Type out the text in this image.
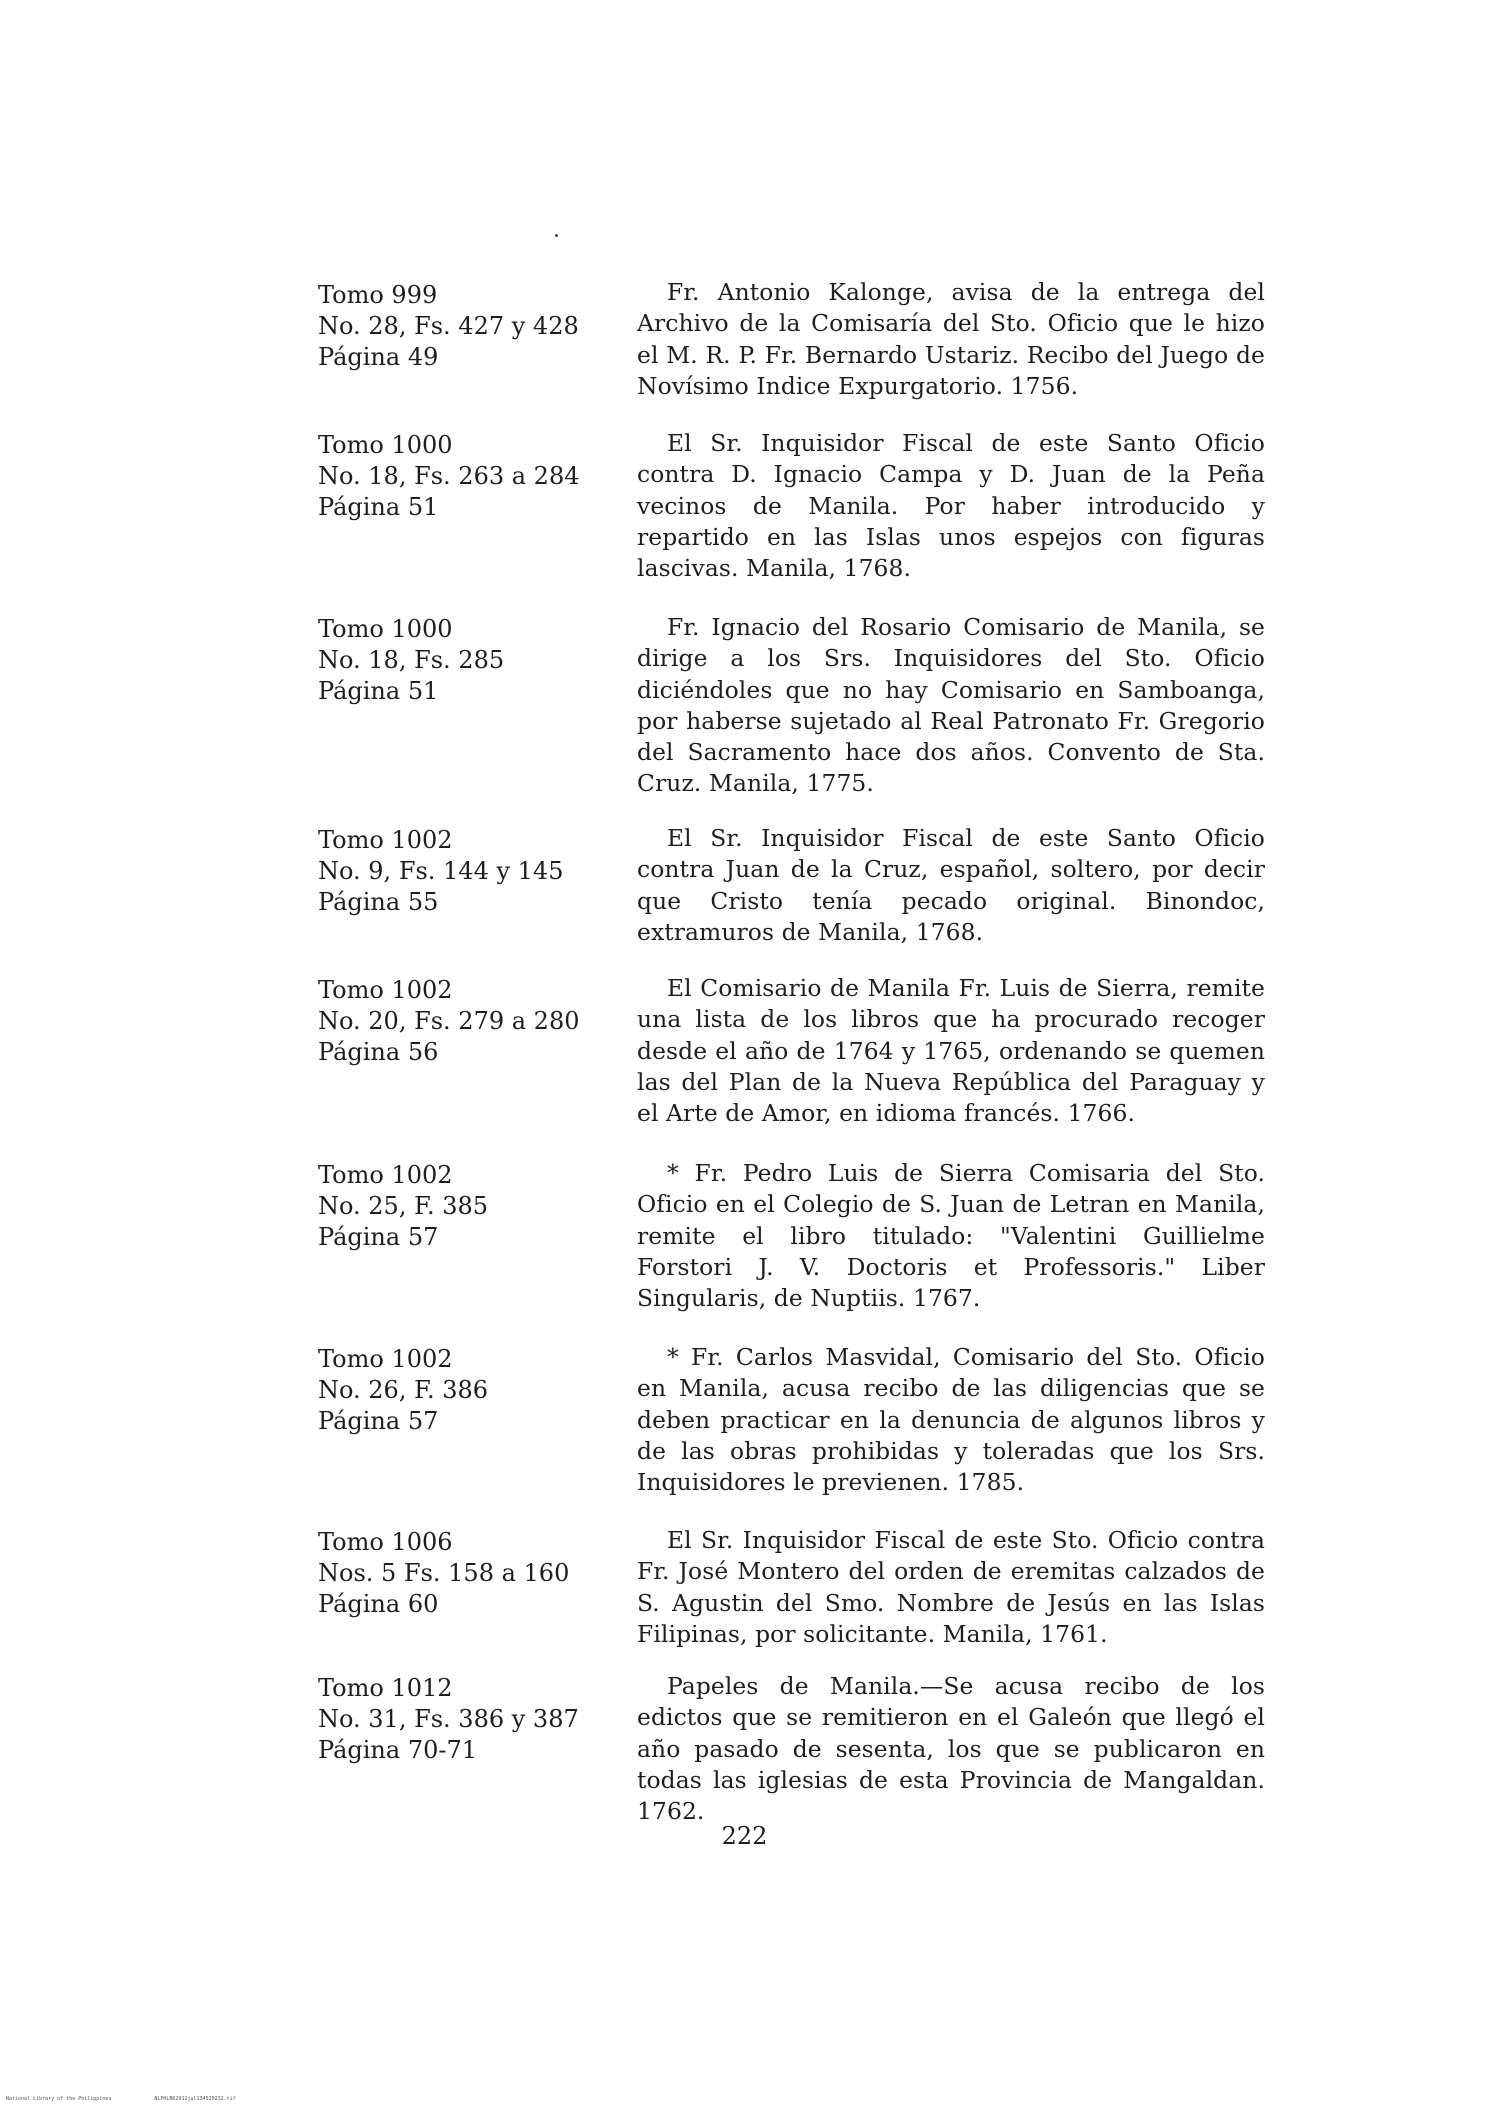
Tomo 999
No. 28, Fs. 427 y 428
Página 49

Fr. Antonio Kalonge, avisa de la entrega del Archivo de la Comisaría del Sto. Oficio que le hizo el M. R. P. Fr. Bernardo Ustariz. Recibo del Juego de Novísimo Indice Expurgatorio. 1756.

Tomo 1000
No. 18, Fs. 263 a 284
Página 51

El Sr. Inquisidor Fiscal de este Santo Oficio contra D. Ignacio Campa y D. Juan de la Peña vecinos de Manila. Por haber introducido y repartido en las Islas unos espejos con figuras lascivas. Manila, 1768.

Tomo 1000
No. 18, Fs. 285
Página 51

Fr. Ignacio del Rosario Comisario de Manila, se dirige a los Srs. Inquisidores del Sto. Oficio diciéndoles que no hay Comisario en Samboanga, por haberse sujetado al Real Patronato Fr. Gregorio del Sacramento hace dos años. Convento de Sta. Cruz. Manila, 1775.

Tomo 1002
No. 9, Fs. 144 y 145
Página 55

El Sr. Inquisidor Fiscal de este Santo Oficio contra Juan de la Cruz, español, soltero, por decir que Cristo tenía pecado original. Binondoc, extramuros de Manila, 1768.

Tomo 1002
No. 20, Fs. 279 a 280
Página 56

El Comisario de Manila Fr. Luis de Sierra, remite una lista de los libros que ha procurado recoger desde el año de 1764 y 1765, ordenando se quemen las del Plan de la Nueva República del Paraguay y el Arte de Amor, en idioma francés. 1766.

Tomo 1002
No. 25, F. 385
Página 57

* Fr. Pedro Luis de Sierra Comisaria del Sto. Oficio en el Colegio de S. Juan de Letran en Manila, remite el libro titulado: "Valentini Guillielme Forstori J. V. Doctoris et Professoris." Liber Singularis, de Nuptiis. 1767.

Tomo 1002
No. 26, F. 386
Página 57

* Fr. Carlos Masvidal, Comisario del Sto. Oficio en Manila, acusa recibo de las diligencias que se deben practicar en la denuncia de algunos libros y de las obras prohibidas y toleradas que los Srs. Inquisidores le previenen. 1785.

Tomo 1006
Nos. 5 Fs. 158 a 160
Página 60

El Sr. Inquisidor Fiscal de este Sto. Oficio contra Fr. José Montero del orden de eremitas calzados de S. Agustin del Smo. Nombre de Jesús en las Islas Filipinas, por solicitante. Manila, 1761.

Tomo 1012
No. 31, Fs. 386 y 387
Página 70-71

Papeles de Manila.—Se acusa recibo de los edictos que se remitieron en el Galeón que llegó el año pasado de sesenta, los que se publicaron en todas las iglesias de esta Provincia de Mangaldan. 1762.

222
National Library of the Philippines	NLPHLBK2012jul134520232.tif
